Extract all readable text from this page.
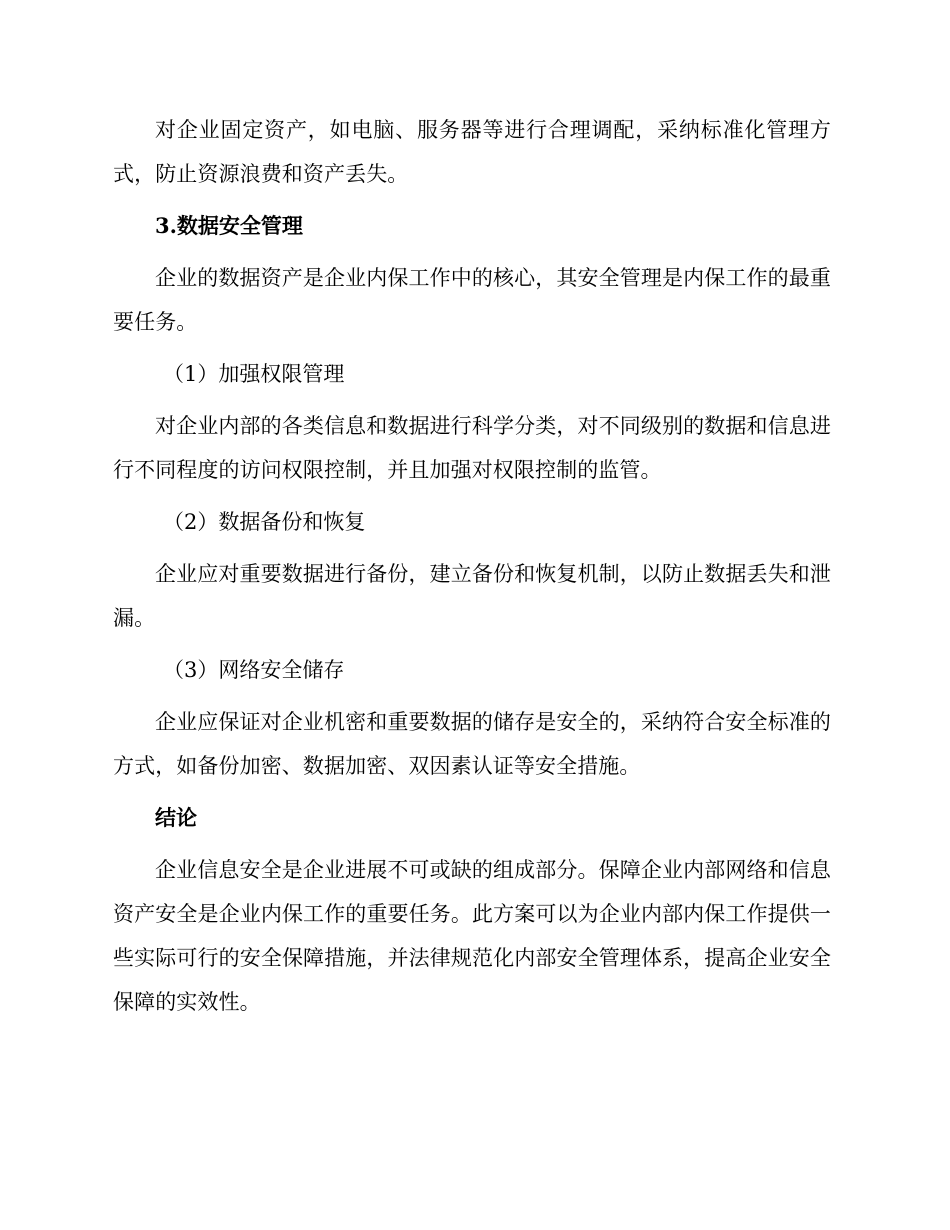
对企业固定资产，如电脑、服务器等进行合理调配，采纳标准化管理方式，防止资源浪费和资产丢失。

3.数据安全管理

企业的数据资产是企业内保工作中的核心，其安全管理是内保工作的最重要任务。

（1）加强权限管理

对企业内部的各类信息和数据进行科学分类，对不同级别的数据和信息进行不同程度的访问权限控制，并且加强对权限控制的监管。

（2）数据备份和恢复

企业应对重要数据进行备份，建立备份和恢复机制，以防止数据丢失和泄漏。

（3）网络安全储存

企业应保证对企业机密和重要数据的储存是安全的，采纳符合安全标准的方式，如备份加密、数据加密、双因素认证等安全措施。

结论

企业信息安全是企业进展不可或缺的组成部分。保障企业内部网络和信息资产安全是企业内保工作的重要任务。此方案可以为企业内部内保工作提供一些实际可行的安全保障措施，并法律规范化内部安全管理体系，提高企业安全保障的实效性。
